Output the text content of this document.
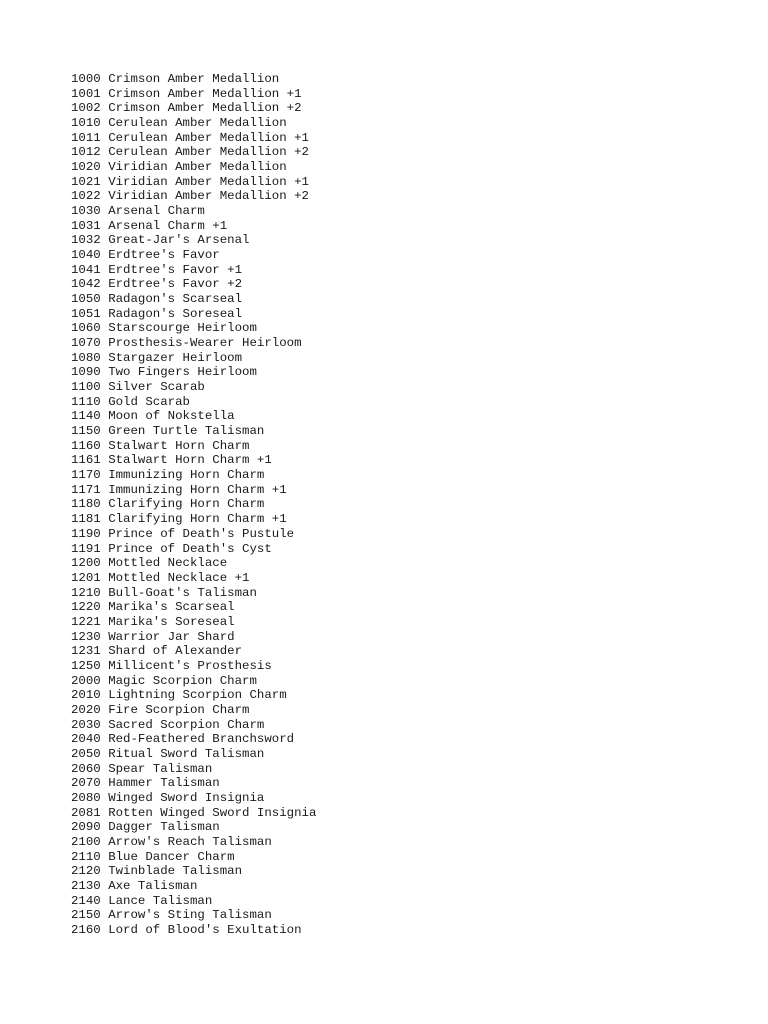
1000 Crimson Amber Medallion
1001 Crimson Amber Medallion +1
1002 Crimson Amber Medallion +2
1010 Cerulean Amber Medallion
1011 Cerulean Amber Medallion +1
1012 Cerulean Amber Medallion +2
1020 Viridian Amber Medallion
1021 Viridian Amber Medallion +1
1022 Viridian Amber Medallion +2
1030 Arsenal Charm
1031 Arsenal Charm +1
1032 Great-Jar's Arsenal
1040 Erdtree's Favor
1041 Erdtree's Favor +1
1042 Erdtree's Favor +2
1050 Radagon's Scarseal
1051 Radagon's Soreseal
1060 Starscourge Heirloom
1070 Prosthesis-Wearer Heirloom
1080 Stargazer Heirloom
1090 Two Fingers Heirloom
1100 Silver Scarab
1110 Gold Scarab
1140 Moon of Nokstella
1150 Green Turtle Talisman
1160 Stalwart Horn Charm
1161 Stalwart Horn Charm +1
1170 Immunizing Horn Charm
1171 Immunizing Horn Charm +1
1180 Clarifying Horn Charm
1181 Clarifying Horn Charm +1
1190 Prince of Death's Pustule
1191 Prince of Death's Cyst
1200 Mottled Necklace
1201 Mottled Necklace +1
1210 Bull-Goat's Talisman
1220 Marika's Scarseal
1221 Marika's Soreseal
1230 Warrior Jar Shard
1231 Shard of Alexander
1250 Millicent's Prosthesis
2000 Magic Scorpion Charm
2010 Lightning Scorpion Charm
2020 Fire Scorpion Charm
2030 Sacred Scorpion Charm
2040 Red-Feathered Branchsword
2050 Ritual Sword Talisman
2060 Spear Talisman
2070 Hammer Talisman
2080 Winged Sword Insignia
2081 Rotten Winged Sword Insignia
2090 Dagger Talisman
2100 Arrow's Reach Talisman
2110 Blue Dancer Charm
2120 Twinblade Talisman
2130 Axe Talisman
2140 Lance Talisman
2150 Arrow's Sting Talisman
2160 Lord of Blood's Exultation
